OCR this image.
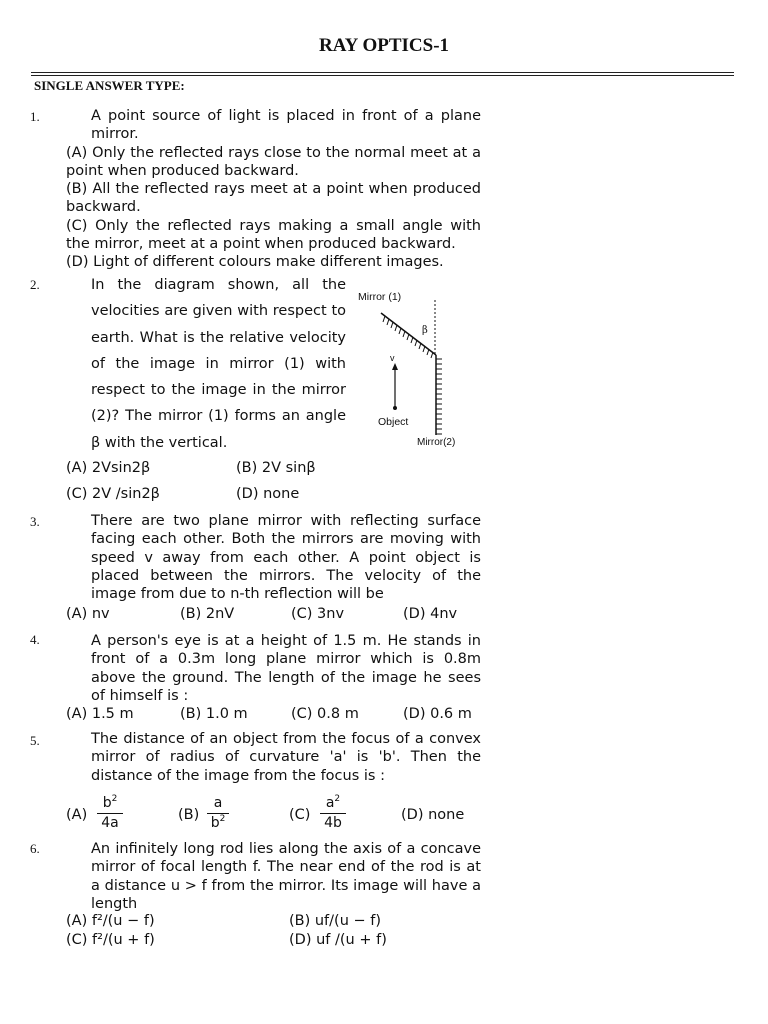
RAY OPTICS-1
SINGLE ANSWER TYPE:
1.	A point source of light is placed in front of a plane mirror.

(A) Only the reflected rays close to the normal meet at a point when produced backward.

(B) All the reflected rays meet at a point when produced backward.

(C) Only the reflected rays making a small angle with the mirror, meet at a point when produced backward.

(D) Light of different colours make different images.

2.	In the diagram shown, all the velocities are given with respect to earth. What is the relative velocity of the image in mirror (1) with respect to the image in the mirror (2)? The mirror (1) forms an angle β with the vertical.

Mirror (1)
β
v
Object
Mirror(2)
(A) 2Vsin2β	(B) 2V sinβ
(C) 2V /sin2β	(D) none
3.	There are two plane mirror with reflecting surface facing each other. Both the mirrors are moving with speed v away from each other. A point object is placed between the mirrors. The velocity of the image from due to n-th reflection will be

(A) nv	(B) 2nV	(C) 3nv	(D) 4nv
4.	A person's eye is at a height of 1.5 m. He stands in front of a 0.3m long plane mirror which is 0.8m above the ground. The length of the image he sees of himself is :

(A) 1.5 m	(B) 1.0 m	(C) 0.8 m	(D) 0.6 m
5.	The distance of an object from the focus of a convex mirror of radius of curvature 'a' is 'b'. Then the distance of the image from the focus is :

$(A) \frac{b^2}{4a}$	$(B) \frac{a}{b^2}$	$(C) \frac{a^2}{4b}$	(D) none
6.	An infinitely long rod lies along the axis of a concave mirror of focal length f. The near end of the rod is at a distance u > f from the mirror. Its image will have a length

(A) f²/(u − f)	(B) uf/(u − f)
(C) f²/(u + f)	(D) uf /(u + f)
